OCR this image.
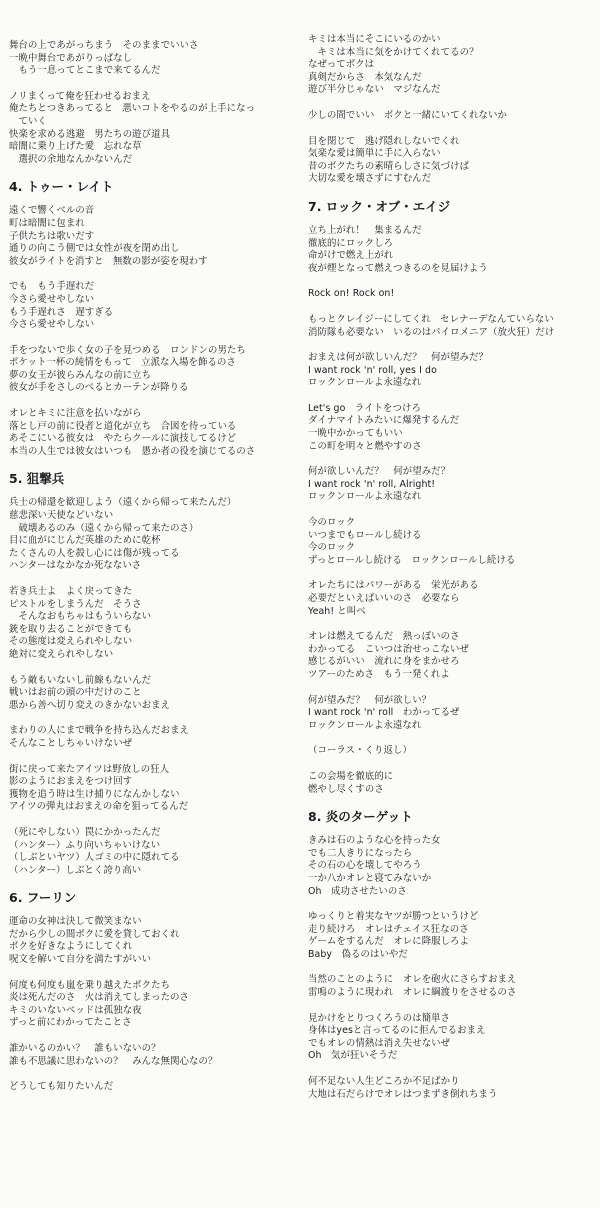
舞台の上であがっちまう　そのままでいいさ
一晩中舞台であがりっぱなし
　もう一息ってとこまで来てるんだ
ノリまくって俺を狂わせるおまえ
俺たちとつきあってると　悪いコトをやるのが上手になっ
　ていく
快楽を求める逃避　男たちの遊び道具
暗闇に乗り上げた愛　忘れな草
　選択の余地なんかないんだ
4. トゥー・レイト
遠くで響くベルの音
町は暗闇に包まれ
子供たちは歌いだす
通りの向こう側では女性が夜を閉め出し
彼女がライトを消すと　無数の影が姿を現わす
でも　もう手遅れだ
今さら愛せやしない
もう手遅れさ　遅すぎる
今さら愛せやしない
手をつないで歩く女の子を見つめる　ロンドンの男たち
ポケット一杯の純情をもって　立派な入場を飾るのさ
夢の女王が彼らみんなの前に立ち
彼女が手をさしのべるとカーテンが降りる
オレとキミに注意を払いながら
落とし戸の前に役者と道化が立ち　合図を待っている
あそこにいる彼女は　やたらクールに演技してるけど
本当の人生では彼女はいつも　愚か者の役を演じてるのさ
5. 狙撃兵
兵士の帰還を歓迎しよう（遠くから帰って来たんだ）
慈悲深い天使などいない
　破壊あるのみ（遠くから帰って来たのさ）
目に血がにじんだ英雄のために乾杯
たくさんの人を殺し心には傷が残ってる
ハンターはなかなか死なないさ
若き兵士よ　よく戻ってきた
ピストルをしまうんだ　そうさ
　そんなおもちゃはもういらない
銃を取り去ることができても
その態度は変えられやしない
絶対に変えられやしない
もう敵もいないし前線もないんだ
戦いはお前の頭の中だけのこと
悪から善へ切り変えのきかないおまえ
まわりの人にまで戦争を持ち込んだおまえ
そんなことしちゃいけないぜ
街に戻って来たアイツは野放しの狂人
影のようにおまえをつけ回す
獲物を追う時は生け捕りになんかしない
アイツの弾丸はおまえの命を狙ってるんだ
（死にやしない）罠にかかったんだ
（ハンター）ふり向いちゃいけない
（しぶといヤツ）人ゴミの中に隠れてる
（ハンター）しぶとく誇り高い
6. フーリン
運命の女神は決して微笑まない
だから少しの間ボクに愛を貸しておくれ
ボクを好きなようにしてくれ
呪文を解いて自分を満たすがいい
何度も何度も嵐を乗り越えたボクたち
炎は死んだのさ　火は消えてしまったのさ
キミのいないベッドは孤独な夜
ずっと前にわかってたことさ
誰かいるのかい？　誰もいないの？
誰も不思議に思わないの？　みんな無関心なの？
どうしても知りたいんだ
キミは本当にそこにいるのかい
　キミは本当に気をかけてくれてるの？
なぜってボクは
真剣だからさ　本気なんだ
遊び半分じゃない　マジなんだ
少しの間でいい　ボクと一緒にいてくれないか
目を閉じて　逃げ隠れしないでくれ
気楽な愛は簡単に手に入らない
昔のボクたちの素晴らしさに気づけば
大切な愛を壊さずにすむんだ
7. ロック・オブ・エイジ
立ち上がれ！　集まるんだ
徹底的にロックしろ
命がけで燃え上がれ
夜が煙となって燃えつきるのを見届けよう
Rock on! Rock on!
もっとクレイジーにしてくれ　セレナーデなんていらない
消防隊も必要ない　いるのはパイロメニア（放火狂）だけ
おまえは何が欲しいんだ？　何が望みだ？
I want rock 'n' roll, yes I do
ロックンロールよ永遠なれ
Let's go　ライトをつけろ
ダイナマイトみたいに爆発するんだ
一晩中かかってもいい
この町を明々と燃やすのさ
何が欲しいんだ？　何が望みだ？
I want rock 'n' roll, Alright!
ロックンロールよ永遠なれ
今のロック
いつまでもロールし続ける
今のロック
ずっとロールし続ける　ロックンロールし続ける
オレたちにはパワーがある　栄光がある
必要だといえばいいのさ　必要なら
Yeah! と叫べ
オレは燃えてるんだ　熱っぽいのさ
わかってる　こいつは治せっこないぜ
感じるがいい　流れに身をまかせろ
ツアーのためさ　もう一発くれよ
何が望みだ？　何が欲しい？
I want rock 'n' roll　わかってるぜ
ロックンロールよ永遠なれ
（コーラス・くり返し）
この会場を徹底的に
燃やし尽くすのさ
8. 炎のターゲット
きみは石のような心を持った女
でも二人きりになったら
その石の心を壊してやろう
一か八かオレと寝てみないか
Oh　成功させたいのさ
ゆっくりと着実なヤツが勝つというけど
走り続けろ　オレはチェイス狂なのさ
ゲームをするんだ　オレに降服しろよ
Baby　偽るのはいやだ
当然のことのように　オレを砲火にさらすおまえ
雷鳴のように現われ　オレに綱渡りをさせるのさ
見かけをとりつくろうのは簡単さ
身体はyesと言ってるのに拒んでるおまえ
でもオレの情熱は消え失せないぜ
Oh　気が狂いそうだ
何不足ない人生どころか不足ばかり
大地は石だらけでオレはつまずき倒れちまう
